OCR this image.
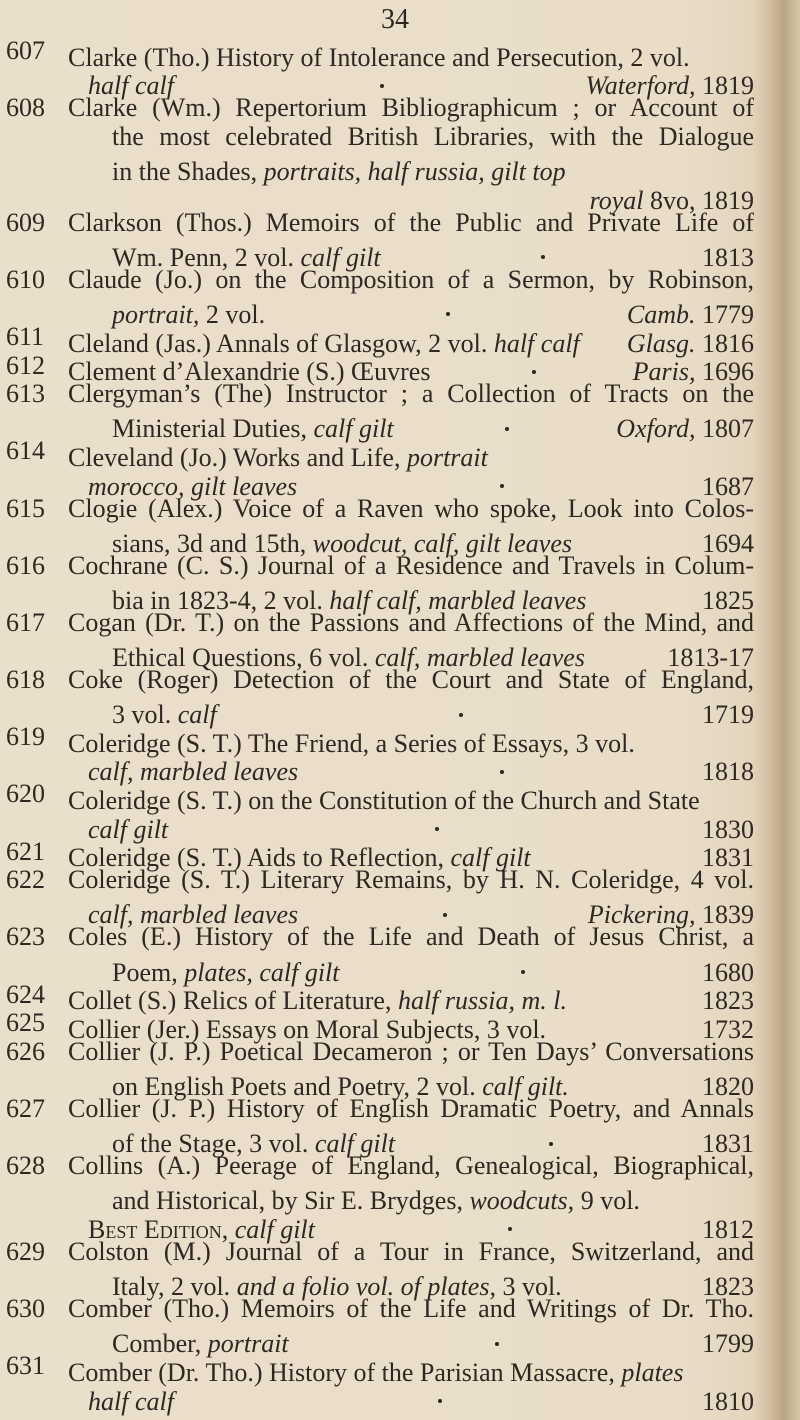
34
607 Clarke (Tho.) History of Intolerance and Persecution, 2 vol.
half calf	Waterford, 1819
608 Clarke (Wm.) Repertorium Bibliographicum ; or Account of
the most celebrated British Libraries, with the Dialogue
in the Shades, portraits, half russia, gilt top
royal 8vo, 1819
609 Clarkson (Thos.) Memoirs of the Public and Private Life of
Wm. Penn, 2 vol. calf gilt	1813
610 Claude (Jo.) on the Composition of a Sermon, by Robinson,
portrait, 2 vol.	Camb. 1779
611 Cleland (Jas.) Annals of Glasgow, 2 vol. half calf Glasg. 1816
612 Clement d’Alexandrie (S.) Œuvres	Paris, 1696
613 Clergyman’s (The) Instructor ; a Collection of Tracts on the
Ministerial Duties, calf gilt	Oxford, 1807
614 Cleveland (Jo.) Works and Life, portrait
morocco, gilt leaves	1687
615 Clogie (Alex.) Voice of a Raven who spoke, Look into Colos-
sians, 3d and 15th, woodcut, calf, gilt leaves	1694
616 Cochrane (C. S.) Journal of a Residence and Travels in Colum-
bia in 1823-4, 2 vol. half calf, marbled leaves	1825
617 Cogan (Dr. T.) on the Passions and Affections of the Mind, and
Ethical Questions, 6 vol. calf, marbled leaves	1813-17
618 Coke (Roger) Detection of the Court and State of England,
3 vol. calf	1719
619 Coleridge (S. T.) The Friend, a Series of Essays, 3 vol.
calf, marbled leaves	1818
620 Coleridge (S. T.) on the Constitution of the Church and State
calf gilt	1830
621 Coleridge (S. T.) Aids to Reflection, calf gilt	1831
622 Coleridge (S. T.) Literary Remains, by H. N. Coleridge, 4 vol.
calf, marbled leaves	Pickering, 1839
623 Coles (E.) History of the Life and Death of Jesus Christ, a
Poem, plates, calf gilt	1680
624 Collet (S.) Relics of Literature, half russia, m. l.	1823
625 Collier (Jer.) Essays on Moral Subjects, 3 vol.	1732
626 Collier (J. P.) Poetical Decameron ; or Ten Days’ Conversations
on English Poets and Poetry, 2 vol. calf gilt.	1820
627 Collier (J. P.) History of English Dramatic Poetry, and Annals
of the Stage, 3 vol. calf gilt	1831
628 Collins (A.) Peerage of England, Genealogical, Biographical,
and Historical, by Sir E. Brydges, woodcuts, 9 vol.
Best Edition, calf gilt	1812
629 Colston (M.) Journal of a Tour in France, Switzerland, and
Italy, 2 vol. and a folio vol. of plates, 3 vol.	1823
630 Comber (Tho.) Memoirs of the Life and Writings of Dr. Tho.
Comber, portrait	1799
631 Comber (Dr. Tho.) History of the Parisian Massacre, plates
half calf	1810
